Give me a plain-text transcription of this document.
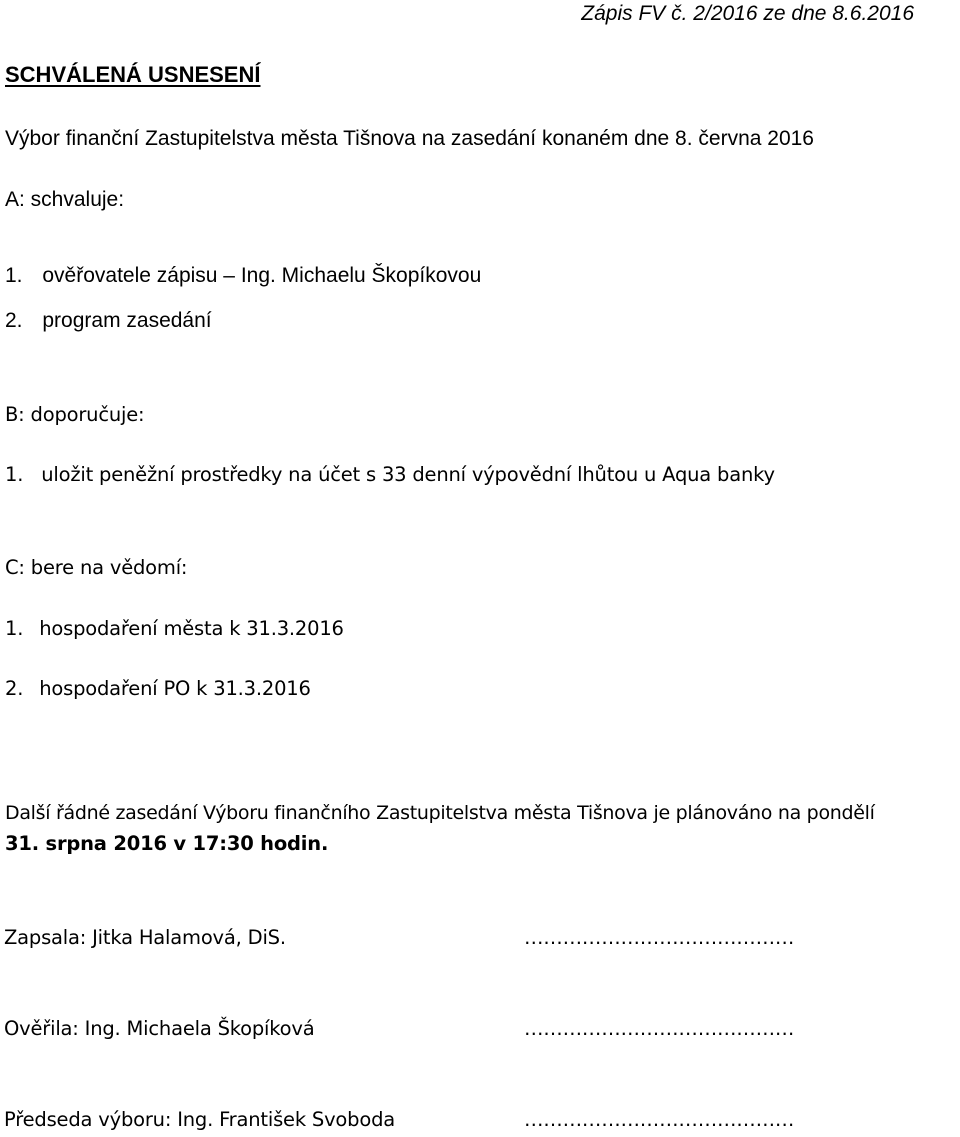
Zápis FV č. 2/2016 ze dne 8.6.2016
SCHVÁLENÁ USNESENÍ
Výbor finanční Zastupitelstva města Tišnova na zasedání konaném dne 8. června 2016
A: schvaluje:
1. ověřovatele zápisu – Ing. Michaelu Škopíkovou
2. program zasedání
B: doporučuje:
1. uložit peněžní prostředky na účet s 33 denní výpovědní lhůtou u Aqua banky
C: bere na vědomí:
1. hospodaření města k 31.3.2016
2. hospodaření PO k 31.3.2016
Další řádné zasedání Výboru finančního Zastupitelstva města Tišnova je plánováno na pondělí
31. srpna 2016 v 17:30 hodin.
Zapsala: Jitka Halamová, DiS.	……………………………………
Ověřila: Ing. Michaela Škopíková	……………………………………
Předseda výboru: Ing. František Svoboda	……………………………………
